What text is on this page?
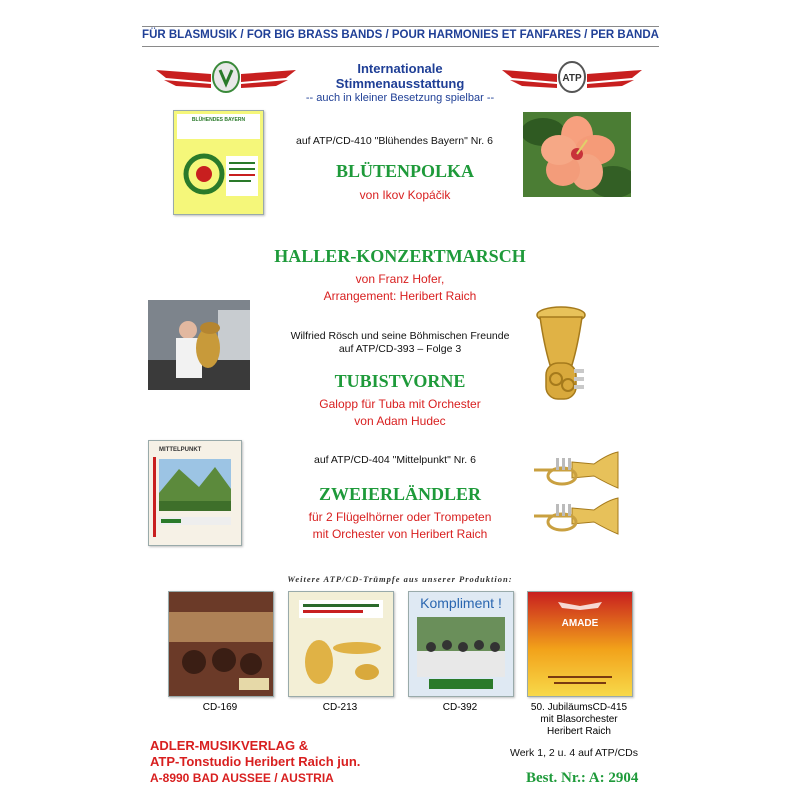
FÜR BLASMUSIK / FOR BIG BRASS BANDS / POUR HARMONIES ET FANFARES / PER BANDA
ATP
Internationale
Stimmenausstattung
-- auch in kleiner Besetzung spielbar --
BLÜHENDES BAYERN
auf ATP/CD-410 "Blühendes Bayern" Nr. 6
BLÜTENPOLKA
von Ikov Kopáčik
HALLER-KONZERTMARSCH
von Franz Hofer,
Arrangement: Heribert Raich
Wilfried Rösch und seine Böhmischen Freunde
auf ATP/CD-393 – Folge 3
TUBISTVORNE
Galopp für Tuba mit Orchester
von Adam Hudec
MITTELPUNKT
auf ATP/CD-404 "Mittelpunkt" Nr. 6
ZWEIERLÄNDLER
für 2 Flügelhörner oder Trompeten
mit Orchester von Heribert Raich
Weitere ATP/CD-Trümpfe aus unserer Produktion:
Kompliment !
AMADE
CD-169	CD-213	CD-392	50. JubiläumsCD-415
mit Blasorchester
Heribert Raich
ADLER-MUSIKVERLAG &
ATP-Tonstudio Heribert Raich jun.
A-8990 BAD AUSSEE / AUSTRIA
Werk 1, 2 u. 4 auf ATP/CDs
Best. Nr.: A: 2904
